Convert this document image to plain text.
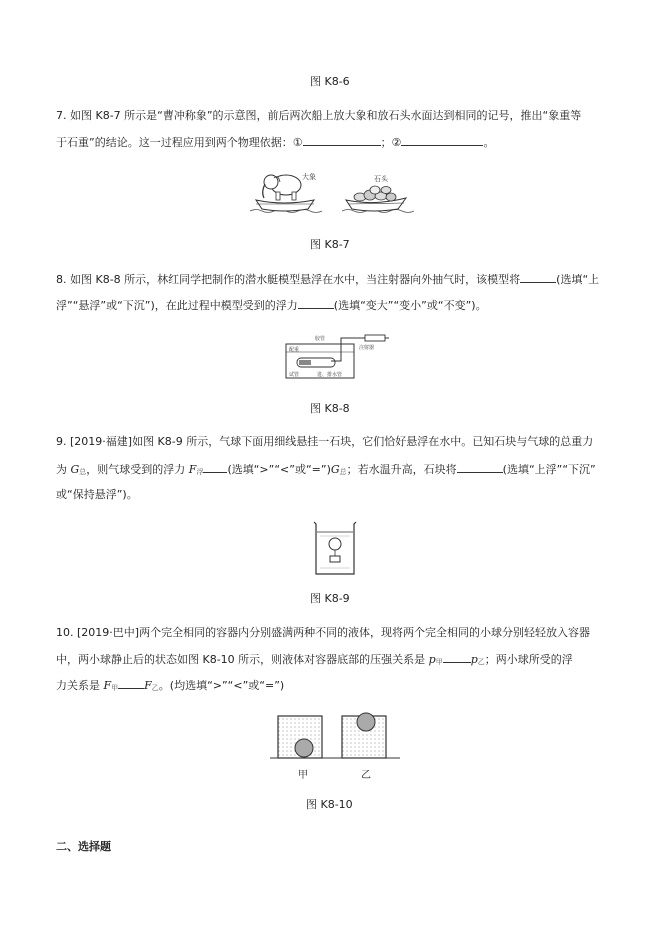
图 K8-6
7. 如图 K8-7 所示是“曹冲称象”的示意图，前后两次船上放大象和放石头水面达到相同的记号，推出“象重等
于石重”的结论。这一过程应用到两个物理依据：①	；②	。
大象	石头
图 K8-7
8. 如图 K8-8 所示，林红同学把制作的潜水艇模型悬浮在水中，当注射器向外抽气时，该模型将	(选填“上
浮”“悬浮”或“下沉”)，在此过程中模型受到的浮力	(选填“变大”“变小”或“不变”)。
配重
胶管
注射器
试管	进、排水管
图 K8-8
9. [2019·福建]如图 K8-9 所示，气球下面用细线悬挂一石块，它们恰好悬浮在水中。已知石块与气球的总重力
为 G总，则气球受到的浮力 F浮 (选填“>”“<”或“=”)G总；若水温升高，石块将	(选填“上浮”“下沉”
或“保持悬浮”)。
图 K8-9
10. [2019·巴中]两个完全相同的容器内分别盛满两种不同的液体，现将两个完全相同的小球分别轻轻放入容器
中，两小球静止后的状态如图 K8-10 所示，则液体对容器底部的压强关系是 p甲	p乙；两小球所受的浮
力关系是 F甲 F乙。(均选填“>”“<”或“=”)
甲	乙
图 K8-10
二、选择题
